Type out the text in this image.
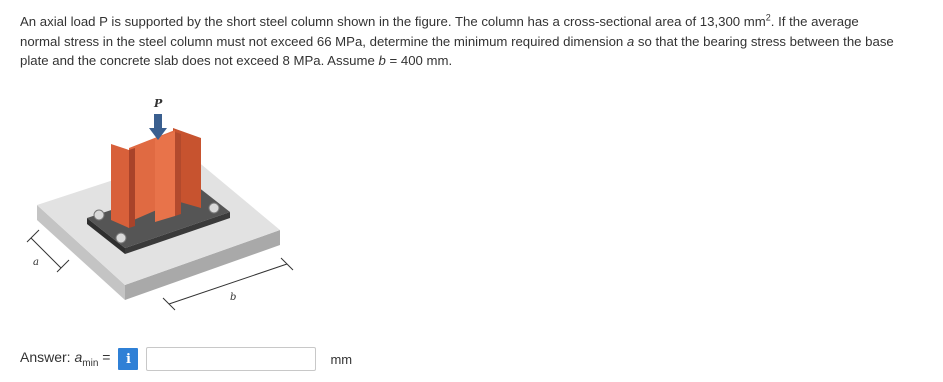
An axial load P is supported by the short steel column shown in the figure. The column has a cross-sectional area of 13,300 $mm^2$. If the average normal stress in the steel column must not exceed 66 MPa, determine the minimum required dimension a so that the bearing stress between the base plate and the concrete slab does not exceed 8 MPa. Assume b = 400 mm.

P
a
b
Answer: $a_{min}$ =	i	mm
